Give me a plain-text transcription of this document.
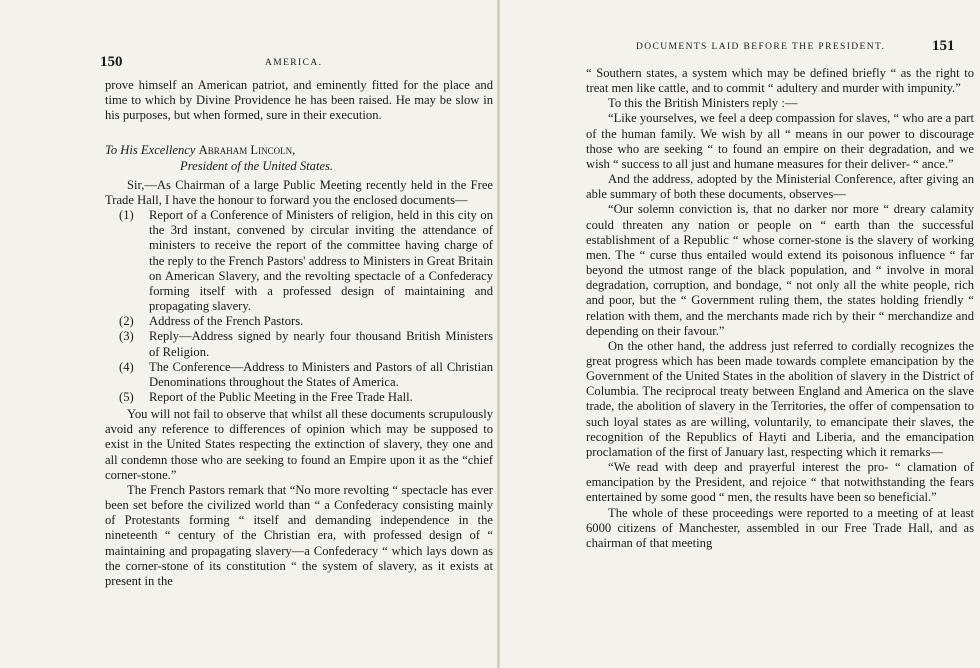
150	AMERICA.

prove himself an American patriot, and eminently fitted for the place and time to which by Divine Providence he has been raised. He may be slow in his purposes, but when formed, sure in their execution.

To His Excellency Abraham Lincoln,

President of the United States.

Sir,—As Chairman of a large Public Meeting recently held in the Free Trade Hall, I have the honour to forward you the enclosed documents—

(1) Report of a Conference of Ministers of religion, held in this city on the 3rd instant, convened by circular inviting the attendance of ministers to receive the report of the committee having charge of the reply to the French Pastors' address to Ministers in Great Britain on American Slavery, and the revolting spectacle of a Confederacy forming itself with a professed design of maintaining and propagating slavery.
(2) Address of the French Pastors.
(3) Reply—Address signed by nearly four thousand British Ministers of Religion.
(4) The Conference—Address to Ministers and Pastors of all Christian Denominations throughout the States of America.
(5) Report of the Public Meeting in the Free Trade Hall.

You will not fail to observe that whilst all these documents scrupulously avoid any reference to differences of opinion which may be supposed to exist in the United States respecting the extinction of slavery, they one and all condemn those who are seeking to found an Empire upon it as the “chief corner-stone.”

The French Pastors remark that “No more revolting “ spectacle has ever been set before the civilized world than “ a Confederacy consisting mainly of Protestants forming “ itself and demanding independence in the nineteenth “ century of the Christian era, with professed design of “ maintaining and propagating slavery—a Confederacy “ which lays down as the corner-stone of its constitution “ the system of slavery, as it exists at present in the

DOCUMENTS LAID BEFORE THE PRESIDENT.	151

“ Southern states, a system which may be defined briefly “ as the right to treat men like cattle, and to commit “ adultery and murder with impunity.”

To this the British Ministers reply :—

“Like yourselves, we feel a deep compassion for slaves, “ who are a part of the human family. We wish by all “ means in our power to discourage those who are seeking “ to found an empire on their degradation, and we wish “ success to all just and humane measures for their deliver- “ ance.”

And the address, adopted by the Ministerial Conference, after giving an able summary of both these documents, observes—

“Our solemn conviction is, that no darker nor more “ dreary calamity could threaten any nation or people on “ earth than the successful establishment of a Republic “ whose corner-stone is the slavery of working men. The “ curse thus entailed would extend its poisonous influence “ far beyond the utmost range of the black population, and “ involve in moral degradation, corruption, and bondage, “ not only all the white people, rich and poor, but the “ Government ruling them, the states holding friendly “ relation with them, and the merchants made rich by their “ merchandize and depending on their favour.”

On the other hand, the address just referred to cordially recognizes the great progress which has been made towards complete emancipation by the Government of the United States in the abolition of slavery in the District of Columbia. The reciprocal treaty between England and America on the slave trade, the abolition of slavery in the Territories, the offer of compensation to such loyal states as are willing, voluntarily, to emancipate their slaves, the recognition of the Republics of Hayti and Liberia, and the emancipation proclamation of the first of January last, respecting which it remarks—

“We read with deep and prayerful interest the pro- “ clamation of emancipation by the President, and rejoice “ that notwithstanding the fears entertained by some good “ men, the results have been so beneficial.”

The whole of these proceedings were reported to a meeting of at least 6000 citizens of Manchester, assembled in our Free Trade Hall, and as chairman of that meeting
